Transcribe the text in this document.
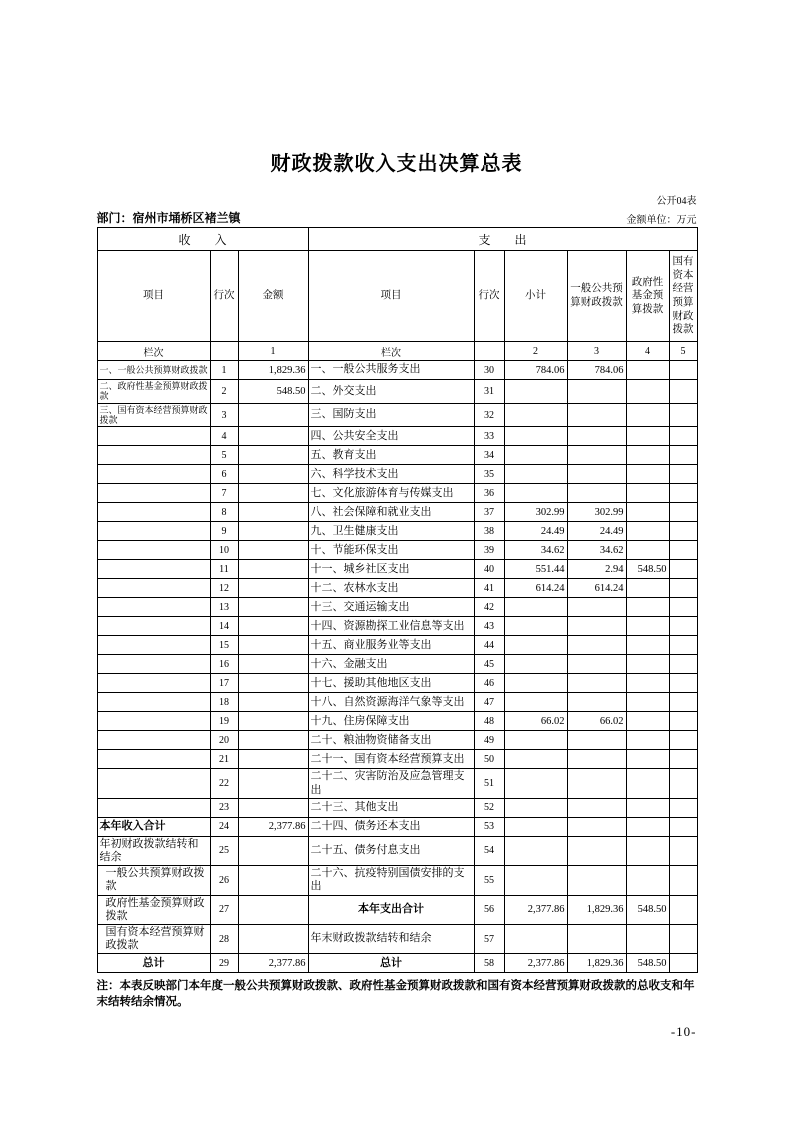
财政拨款收入支出决算总表
公开04表
部门：宿州市埇桥区褚兰镇	金额单位：万元
收　　入			支　　出					
项目	行次	金额	项目	行次	小计	一般公共预算财政拨款	政府性基金预算拨款	国有资本经营预算财政拨款
栏次		1	栏次		2	3	4	5
一、一般公共预算财政拨款	1	1,829.36	一、一般公共服务支出	30	784.06	784.06		
二、政府性基金预算财政拨款	2	548.50	二、外交支出	31				
三、国有资本经营预算财政拨款	3		三、国防支出	32				
	4		四、公共安全支出	33				
	5		五、教育支出	34				
	6		六、科学技术支出	35				
	7		七、文化旅游体育与传媒支出	36				
	8		八、社会保障和就业支出	37	302.99	302.99		
	9		九、卫生健康支出	38	24.49	24.49		
	10		十、节能环保支出	39	34.62	34.62		
	11		十一、城乡社区支出	40	551.44	2.94	548.50	
	12		十二、农林水支出	41	614.24	614.24		
	13		十三、交通运输支出	42				
	14		十四、资源勘探工业信息等支出	43				
	15		十五、商业服务业等支出	44				
	16		十六、金融支出	45				
	17		十七、援助其他地区支出	46				
	18		十八、自然资源海洋气象等支出	47				
	19		十九、住房保障支出	48	66.02	66.02		
	20		二十、粮油物资储备支出	49				
	21		二十一、国有资本经营预算支出	50				
	22		二十二、灾害防治及应急管理支出	51				
	23		二十三、其他支出	52				
本年收入合计	24	2,377.86	二十四、债务还本支出	53				
年初财政拨款结转和结余	25		二十五、债务付息支出	54				
一般公共预算财政拨款	26		二十六、抗疫特别国债安排的支出	55				
政府性基金预算财政拨款	27		本年支出合计	56	2,377.86	1,829.36	548.50	
国有资本经营预算财政拨款	28		年末财政拨款结转和结余	57				
总计	29	2,377.86	总计	58	2,377.86	1,829.36	548.50	
注：本表反映部门本年度一般公共预算财政拨款、政府性基金预算财政拨款和国有资本经营预算财政拨款的总收支和年末结转结余情况。
-10-
